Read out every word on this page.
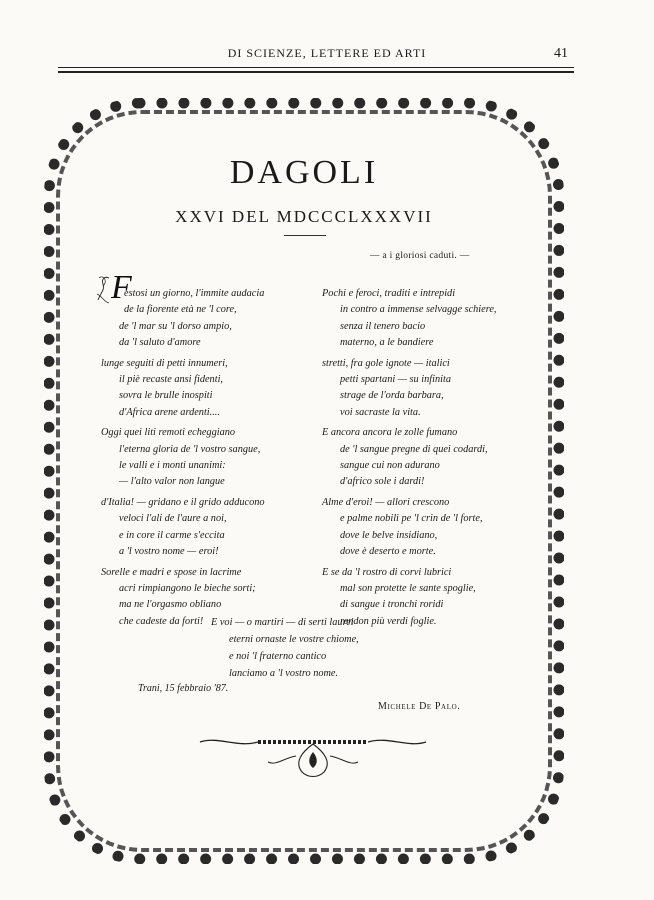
DI SCIENZE, LETTERE ED ARTI	41
DAGOLI
XXVI DEL MDCCCLXXXVII
— a i gloriosi caduti. —
F
estosi un giorno, l'immite audacia
de la fiorente età ne 'l core,
de 'l mar su 'l dorso ampio,
da 'l saluto d'amore
lunge seguiti di petti innumeri,
il piè recaste ansi fidenti,
sovra le brulle inospiti
d'Africa arene ardenti....
Oggi quei liti remoti echeggiano
l'eterna gloria de 'l vostro sangue,
le valli e i monti unanimi:
— l'alto valor non langue
d'Italia! — gridano e il grido adducono
veloci l'ali de l'aure a noi,
e in core il carme s'eccita
a 'l vostro nome — eroi!
Sorelle e madri e spose in lacrime
acri rimpiangono le bieche sorti;
ma ne l'orgasmo obliano
che cadeste da forti!
Pochi e feroci, traditi e intrepidi
in contro a immense selvagge schiere,
senza il tenero bacio
materno, a le bandiere
stretti, fra gole ignote — italici
petti spartani — su infinita
strage de l'orda barbara,
voi sacraste la vita.
E ancora ancora le zolle fumano
de 'l sangue pregne di quei codardi,
sangue cui non adurano
d'africo sole i dardi!
Alme d'eroi! — allori crescono
e palme nobili pe 'l crin de 'l forte,
dove le belve insidiano,
dove è deserto e morte.
E se da 'l rostro di corvi lubrici
mal son protette le sante spoglie,
di sangue i tronchi roridi
rendon più verdi foglie.
E voi — o martiri — di serti laurei
eterni ornaste le vostre chiome,
e noi 'l fraterno cantico
lanciamo a 'l vostro nome.
Trani, 15 febbraio '87.
Michele De Palo.
